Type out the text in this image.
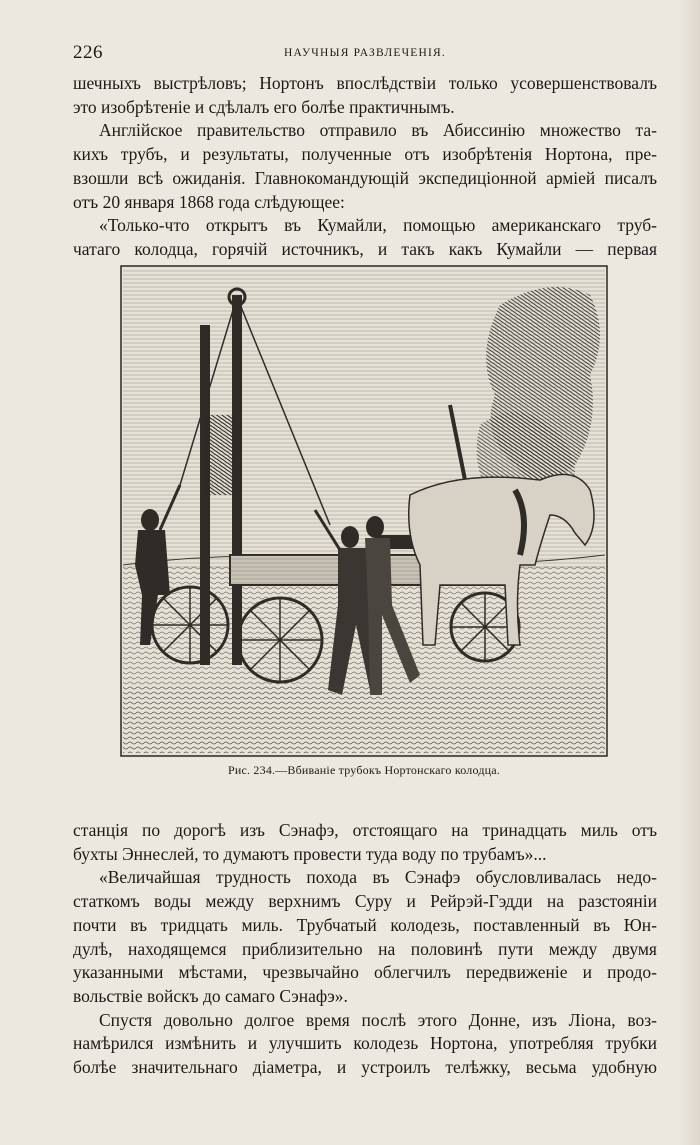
226	НАУЧНЫЯ РАЗВЛЕЧЕНІЯ.
шечныхъ выстрѣловъ; Нортонъ впослѣдствіи только усовершенствовалъ
это изобрѣтеніе и сдѣлалъ его болѣе практичнымъ.
Англійское правительство отправило въ Абиссинію множество та-
кихъ трубъ, и результаты, полученные отъ изобрѣтенія Нортона, пре-
взошли всѣ ожиданія. Главнокомандующій экспедиціонной арміей писалъ
отъ 20 января 1868 года слѣдующее:
«Только-что открытъ въ Кумайли, помощью американскаго труб-
чатаго колодца, горячій источникъ, и такъ какъ Кумайли — первая
Рис. 234.—Вбиваніе трубокъ Нортонскаго колодца.
станція по дорогѣ изъ Сэнафэ, отстоящаго на тринадцать миль отъ
бухты Эннеслей, то думаютъ провести туда воду по трубамъ»...
«Величайшая трудность похода въ Сэнафэ обусловливалась недо-
статкомъ воды между верхнимъ Суру и Рейрэй-Гэдди на разстояніи
почти въ тридцать миль. Трубчатый колодезь, поставленный въ Юн-
дулѣ, находящемся приблизительно на половинѣ пути между двумя
указанными мѣстами, чрезвычайно облегчилъ передвиженіе и продо-
вольствіе войскъ до самаго Сэнафэ».
Спустя довольно долгое время послѣ этого Донне, изъ Ліона, воз-
намѣрился измѣнить и улучшить колодезь Нортона, употребляя трубки
болѣе значительнаго діаметра, и устроилъ телѣжку, весьма удобную
